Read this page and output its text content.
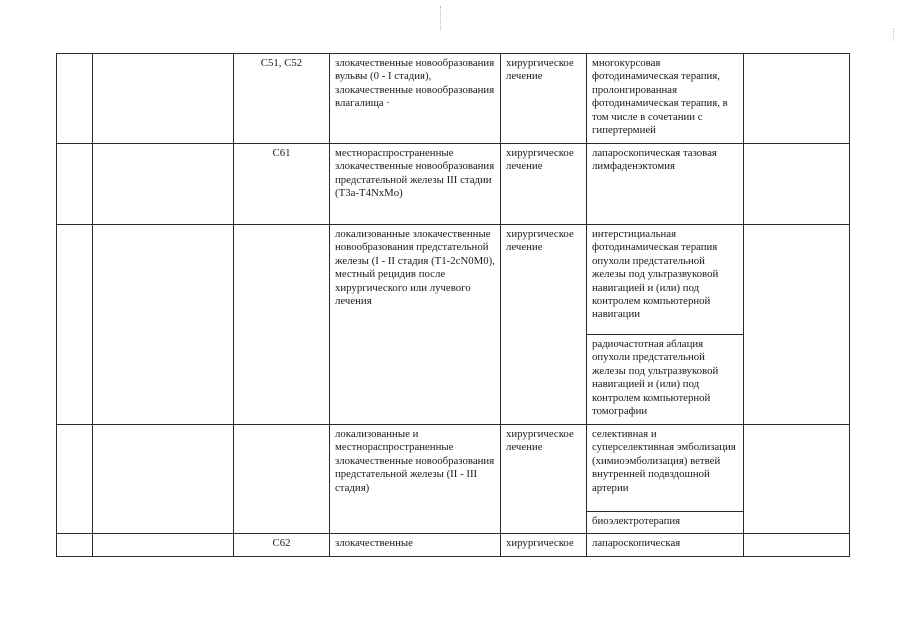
		C51, C52	злокачественные новообразования вульвы (0 - I стадия), злокачественные новообразования влагалища ·	хирургическое лечение	многокурсовая фотодинамическая терапия, пролонгированная фотодинамическая терапия, в том числе в сочетании с гипертермией	
		C61	местнораспространенные злокачественные новообразования предстательной железы III стадии (T3a-T4NxMo)	хирургическое лечение	лапароскопическая тазовая лимфаденэктомия	
			локализованные злокачественные новообразования предстательной железы (I - II стадия (T1-2cN0M0), местный рецидив после хирургического или лучевого лечения	хирургическое лечение	интерстициальная фотодинамическая терапия опухоли предстательной железы под ультразвуковой навигацией и (или) под контролем компьютерной навигации	
					радиочастотная аблация опухоли предстательной железы под ультразвуковой навигацией и (или) под контролем компьютерной томографии	
			локализованные и местнораспространенные злокачественные новообразования предстательной железы (II - III стадия)	хирургическое лечение	селективная и суперселективная эмболизация (химиоэмболизация) ветвей внутренней подвздошной артерии	
					биоэлектротерапия	
		C62	злокачественные	хирургическое	лапароскопическая	
